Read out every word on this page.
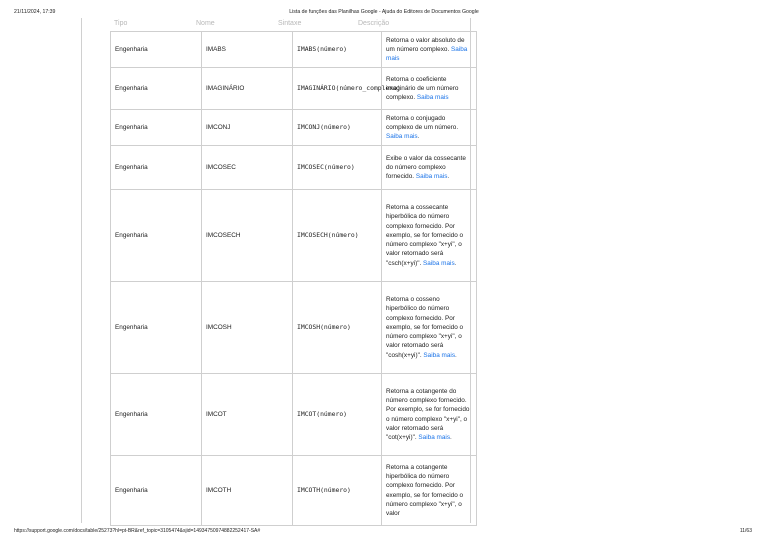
21/11/2024, 17:39	Lista de funções das Planilhas Google - Ajuda do Editores de Documentos Google
Tipo	Nome	Sintaxe	Descrição
Engenharia	IMABS	IMABS(número)	Retorna o valor absoluto de um número complexo. Saiba mais
Engenharia	IMAGINÁRIO	IMAGINÁRIO(número_complexo)	Retorna o coeficiente imaginário de um número complexo. Saiba mais
Engenharia	IMCONJ	IMCONJ(número)	Retorna o conjugado complexo de um número. Saiba mais.
Engenharia	IMCOSEC	IMCOSEC(número)	Exibe o valor da cossecante do número complexo fornecido. Saiba mais.
Engenharia	IMCOSECH	IMCOSECH(número)	Retorna a cossecante hiperbólica do número complexo fornecido. Por exemplo, se for fornecido o número complexo "x+yi", o valor retornado será "csch(x+yi)". Saiba mais.
Engenharia	IMCOSH	IMCOSH(número)	Retorna o cosseno hiperbólico do número complexo fornecido. Por exemplo, se for fornecido o número complexo "x+yi", o valor retornado será "cosh(x+yi)". Saiba mais.
Engenharia	IMCOT	IMCOT(número)	Retorna a cotangente do número complexo fornecido. Por exemplo, se for fornecido o número complexo "x+yi", o valor retornado será "cot(x+yi)". Saiba mais.
Engenharia	IMCOTH	IMCOTH(número)	Retorna a cotangente hiperbólica do número complexo fornecido. Por exemplo, se for fornecido o número complexo "x+yi", o valor
https://support.google.com/docs/table/25273?hl=pt-BR&ref_topic=3105474&sjid=14934750974882252417-SA#	11/63
